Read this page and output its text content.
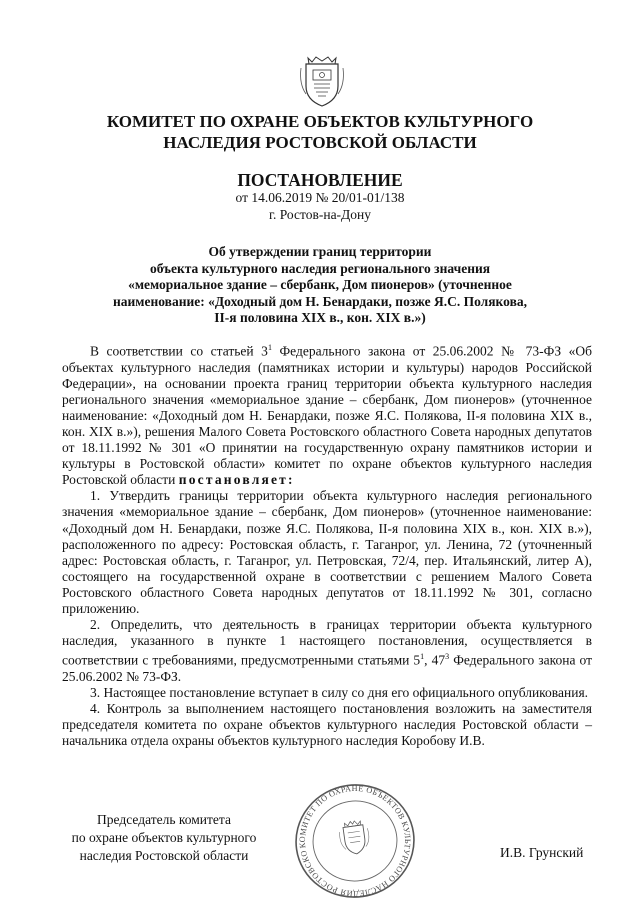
КОМИТЕТ ПО ОХРАНЕ ОБЪЕКТОВ КУЛЬТУРНОГО
НАСЛЕДИЯ РОСТОВСКОЙ ОБЛАСТИ
ПОСТАНОВЛЕНИЕ
от 14.06.2019 № 20/01-01/138
г. Ростов-на-Дону
Об утверждении границ территории
объекта культурного наследия регионального значения
«мемориальное здание – сбербанк, Дом пионеров» (уточненное
наименование: «Доходный дом Н. Бенардаки, позже Я.С. Полякова,
II-я половина XIX в., кон. XIX в.»)

В соответствии со статьей $3^1$ Федерального закона от 25.06.2002 № 73-ФЗ «Об объектах культурного наследия (памятниках истории и культуры) народов Российской Федерации», на основании проекта границ территории объекта культурного наследия регионального значения «мемориальное здание – сбербанк, Дом пионеров» (уточненное наименование: «Доходный дом Н. Бенардаки, позже Я.С. Полякова, II-я половина XIX в., кон. XIX в.»), решения Малого Совета Ростовского областного Совета народных депутатов от 18.11.1992 № 301 «О принятии на государственную охрану памятников истории и культуры в Ростовской области» комитет по охране объектов культурного наследия Ростовской области постановляет:

1. Утвердить границы территории объекта культурного наследия регионального значения «мемориальное здание – сбербанк, Дом пионеров» (уточненное наименование: «Доходный дом Н. Бенардаки, позже Я.С. Полякова, II-я половина XIX в., кон. XIX в.»), расположенного по адресу: Ростовская область, г. Таганрог, ул. Ленина, 72 (уточненный адрес: Ростовская область, г. Таганрог, ул. Петровская, 72/4, пер. Итальянский, литер А), состоящего на государственной охране в соответствии с решением Малого Совета Ростовского областного Совета народных депутатов от 18.11.1992 № 301, согласно приложению.

2. Определить, что деятельность в границах территории объекта культурного наследия, указанного в пункте 1 настоящего постановления, осуществляется в соответствии с требованиями, предусмотренными статьями $5^1$, $47^3$ Федерального закона от 25.06.2002 № 73-ФЗ.

3. Настоящее постановление вступает в силу со дня его официального опубликования.

4. Контроль за выполнением настоящего постановления возложить на заместителя председателя комитета по охране объектов культурного наследия Ростовской области – начальника отдела охраны объектов культурного наследия Коробову И.В.

Председатель комитета
по охране объектов культурного
наследия Ростовской области
КОМИТЕТ ПО ОХРАНЕ ОБЪЕКТОВ КУЛЬТУРНОГО НАСЛЕДИЯ РОСТОВСКОЙ
И.В. Грунский
